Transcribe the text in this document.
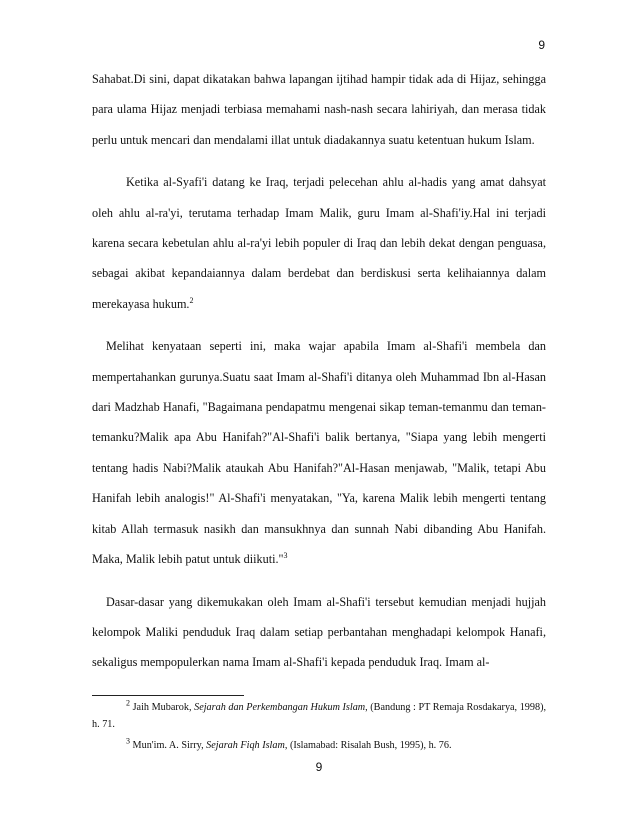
9

Sahabat.Di sini, dapat dikatakan bahwa lapangan ijtihad hampir tidak ada di Hijaz, sehingga para ulama Hijaz menjadi terbiasa memahami nash-nash secara lahiriyah, dan merasa tidak perlu untuk mencari dan mendalami illat untuk diadakannya suatu ketentuan hukum Islam.

Ketika al-Syafi'i datang ke Iraq, terjadi pelecehan ahlu al-hadis yang amat dahsyat oleh ahlu al-ra'yi, terutama terhadap Imam Malik, guru Imam al-Shafi'iy.Hal ini terjadi karena secara kebetulan ahlu al-ra'yi lebih populer di Iraq dan lebih dekat dengan penguasa, sebagai akibat kepandaiannya dalam berdebat dan berdiskusi serta kelihaiannya dalam merekayasa hukum.$^2$

Melihat kenyataan seperti ini, maka wajar apabila Imam al-Shafi'i membela dan mempertahankan gurunya.Suatu saat Imam al-Shafi'i ditanya oleh Muhammad Ibn al-Hasan dari Madzhab Hanafi, "Bagaimana pendapatmu mengenai sikap teman-temanmu dan teman-temanku?Malik apa Abu Hanifah?"Al-Shafi'i balik bertanya, "Siapa yang lebih mengerti tentang hadis Nabi?Malik ataukah Abu Hanifah?"Al-Hasan menjawab, "Malik, tetapi Abu Hanifah lebih analogis!" Al-Shafi'i menyatakan, "Ya, karena Malik lebih mengerti tentang kitab Allah termasuk nasikh dan mansukhnya dan sunnah Nabi dibanding Abu Hanifah. Maka, Malik lebih patut untuk diikuti."$^3$

Dasar-dasar yang dikemukakan oleh Imam al-Shafi'i tersebut kemudian menjadi hujjah kelompok Maliki penduduk Iraq dalam setiap perbantahan menghadapi kelompok Hanafi, sekaligus mempopulerkan nama Imam al-Shafi'i kepada penduduk Iraq. Imam al-

$^2$ Jaih Mubarok, Sejarah dan Perkembangan Hukum Islam, (Bandung : PT Remaja Rosdakarya, 1998), h. 71.

$^3$ Mun'im. A. Sirry, Sejarah Fiqh Islam, (Islamabad: Risalah Bush, 1995), h. 76.

9
